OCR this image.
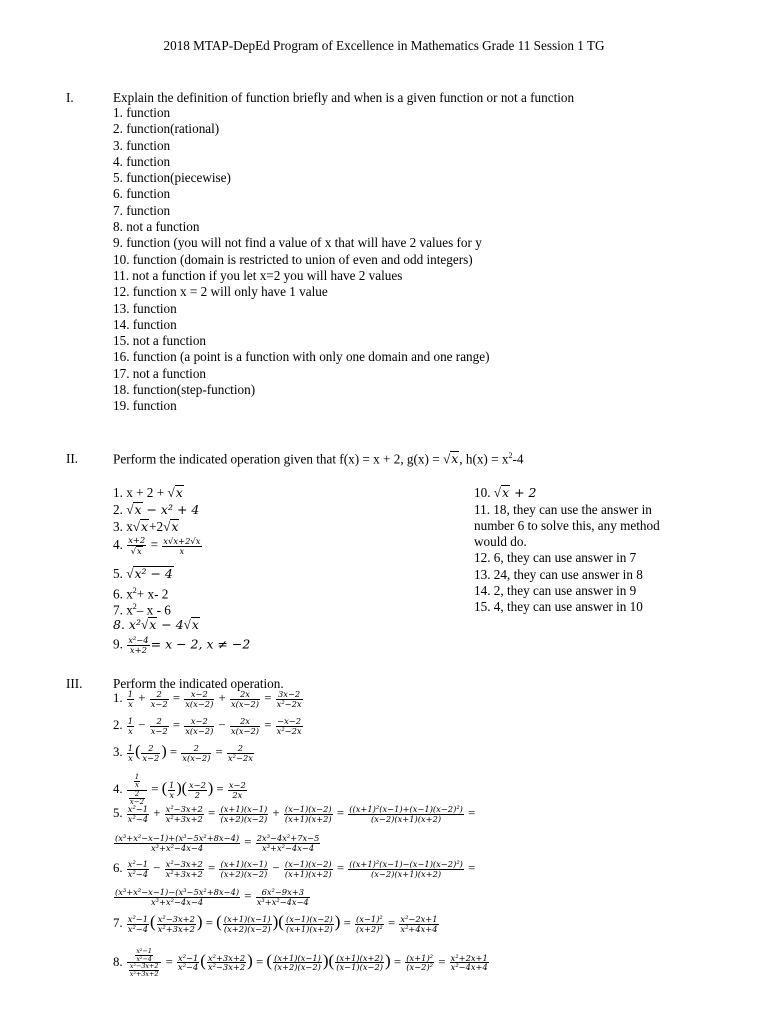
2018 MTAP-DepEd Program of Excellence in Mathematics Grade 11 Session 1 TG
I.	Explain the definition of function briefly and when is a given function or not a function
1. function
2. function(rational)
3. function
4. function
5. function(piecewise)
6. function
7. function
8. not a function
9. function (you will not find a value of x that will have 2 values for y
10. function (domain is restricted to union of even and odd integers)
11. not a function if you let x=2 you will have 2 values
12. function x = 2 will only have 1 value
13. function
14. function
15. not a function
16. function (a point is a function with only one domain and one range)
17. not a function
18. function(step-function)
19. function
II.	Perform the indicated operation given that f(x) = x + 2, g(x) = √x, $h(x) = x^2-4$
1. x + 2 + √x
2. √x − x² + 4
3. x√x+2√x
4. $\frac{x+2}{√x} = \frac{x√x+2√x}{x}$
5. √x² − 4
6. $x^2+ x-$ 2
7. $x^2-$ x - 6
8. x²√x − 4√x
9. $\frac{\text{x²−4}}{x+2} = x - 2$, x ≠ −2
10. √x + 2
11. 18, they can use the answer in
number 6 to solve this, any method
would do.
12. 6, they can use answer in 7
13. 24, they can use answer in 8
14. 2, they can use answer in 9
15. 4, they can use answer in 10
III. Perform the indicated operation.
1. $\frac{1}{x} + \frac{2}{x-2} = \frac{x-2}{x(x-2)} + \frac{2x}{x(x-2)} = \frac{3x-2}{\text{x²−2x}}$
2. $\frac{1}{x} - \frac{2}{x-2} = \frac{x-2}{x(x-2)} - \frac{2x}{x(x-2)} = \frac{-x-2}{\text{x²−2x}}$
3. $\frac{1}{x}$ ( $\frac{2}{x-2}$ ) = $\frac{2}{x(x-2)} = \frac{2}{\text{x²−2x}}$
4. $\frac{\frac{1}{x}}{\frac{2}{x-2}}$ = ( $\frac{1}{x}$ )( $\frac{x-2}{2}$ ) = $\frac{x-2}{2x}$
5. $\frac{\text{x²−1}}{\text{x²−4}} + \frac{\text{x²−3x+2}}{\text{x²+3x+2}} = \frac{(x+1)(x-1)}{(x+2)(x-2)} + \frac{(x-1)(x-2)}{(x+1)(x+2)} = \frac{\text{((x+1)²(x−1)+(x−1)(x−2)²)}}{(x-2)(x+1)(x+2)}$ =
$\frac{\text{(x³+x²−x−1)+(x³−5x²+8x−4)}}{\text{x³+x²−4x−4}} = \frac{\text{2x³−4x²+7x−5}}{\text{x³+x²−4x−4}}$
6. $\frac{\text{x²−1}}{\text{x²−4}} - \frac{\text{x²−3x+2}}{\text{x²+3x+2}} = \frac{(x+1)(x-1)}{(x+2)(x-2)} - \frac{(x-1)(x-2)}{(x+1)(x+2)} = \frac{\text{((x+1)²(x−1)−(x−1)(x−2)²)}}{(x-2)(x+1)(x+2)}$ =
$\frac{\text{(x³+x²−x−1)−(x³−5x²+8x−4)}}{\text{x³+x²−4x−4}} = \frac{\text{6x²−9x+3}}{\text{x³+x²−4x−4}}$
7. $\frac{\text{x²−1}}{\text{x²−4}}$ ( $\frac{\text{x²−3x+2}}{\text{x²+3x+2}}$ ) = ( $\frac{(x+1)(x-1)}{(x+2)(x-2)}$ )( $\frac{(x-1)(x-2)}{(x+1)(x+2)}$ ) = $\frac{\text{(x−1)²}}{\text{(x+2)²}} = \frac{\text{x²−2x+1}}{\text{x²+4x+4}}$
8. $\frac{\frac{\text{x²−1}}{\text{x²−4}}}{\frac{\text{x²−3x+2}}{\text{x²+3x+2}}} = \frac{\text{x²−1}}{\text{x²−4}}$ ( $\frac{\text{x²+3x+2}}{\text{x²−3x+2}}$ ) = ( $\frac{(x+1)(x-1)}{(x+2)(x-2)}$ )( $\frac{(x+1)(x+2)}{(x-1)(x-2)}$ ) = $\frac{\text{(x+1)²}}{\text{(x−2)²}} = \frac{\text{x²+2x+1}}{\text{x²−4x+4}}$
